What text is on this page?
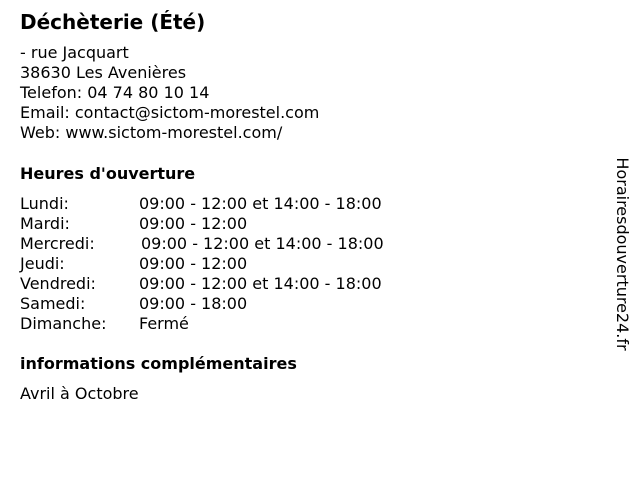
Déchèterie (Été)
- rue Jacquart
38630 Les Avenières
Telefon: 04 74 80 10 14
Email: contact@sictom-morestel.com
Web: www.sictom-morestel.com/
Heures d'ouverture
Lundi:	09:00 - 12:00 et 14:00 - 18:00
Mardi:	09:00 - 12:00
Mercredi:	09:00 - 12:00 et 14:00 - 18:00
Jeudi:	09:00 - 12:00
Vendredi:	09:00 - 12:00 et 14:00 - 18:00
Samedi:	09:00 - 18:00
Dimanche:	Fermé
informations complémentaires
Avril à Octobre
Horairesdouverture24.fr
